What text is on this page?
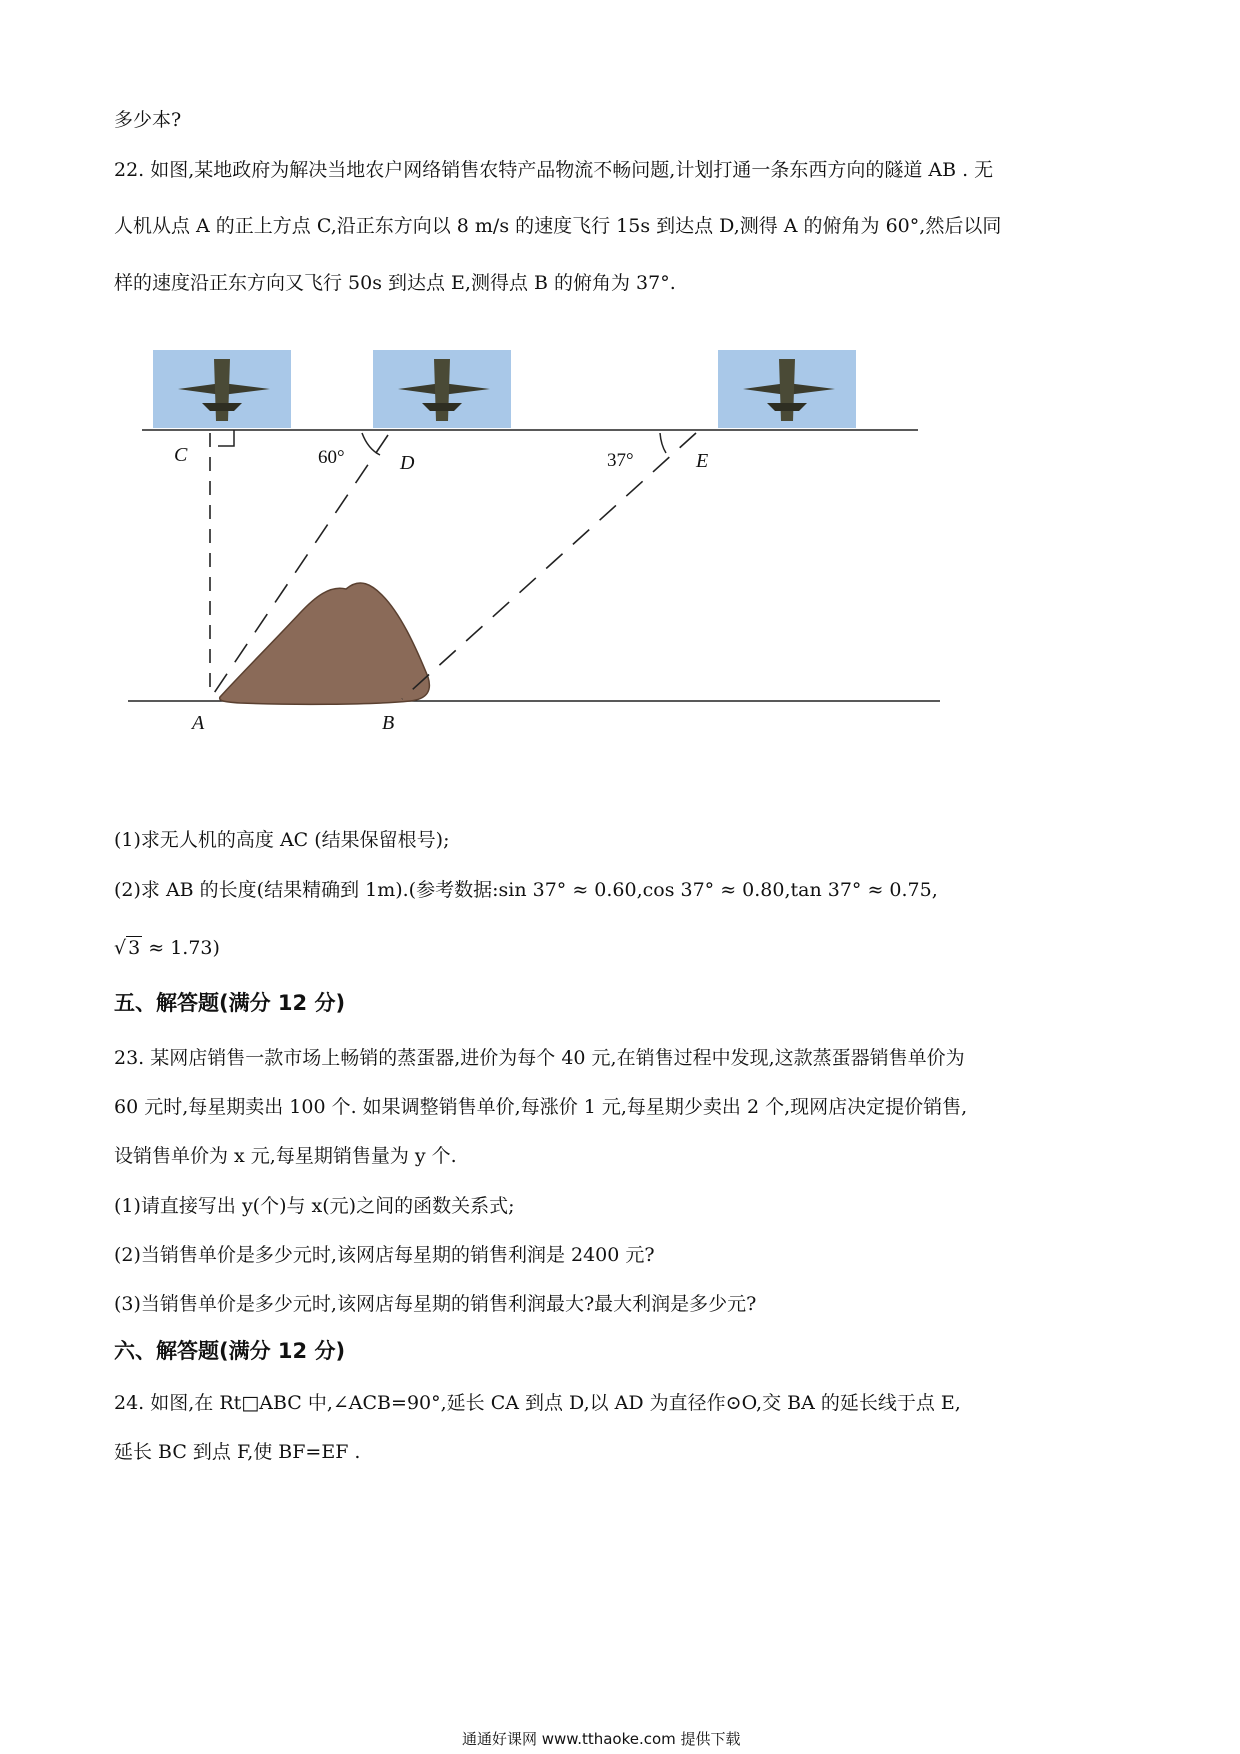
多少本?
22. 如图,某地政府为解决当地农户网络销售农特产品物流不畅问题,计划打通一条东西方向的隧道 AB . 无
人机从点 A 的正上方点 C,沿正东方向以 8 m/s 的速度飞行 15s 到达点 D,测得 A 的俯角为 60°,然后以同
样的速度沿正东方向又飞行 50s 到达点 E,测得点 B 的俯角为 37°.
C	D	E
60°	37°
A	B
(1)求无人机的高度 AC (结果保留根号);
(2)求 AB 的长度(结果精确到 1m).(参考数据:sin 37° ≈ 0.60,cos 37° ≈ 0.80,tan 37° ≈ 0.75,
√ 3 ≈ 1.73)
五、解答题(满分 12 分)
23. 某网店销售一款市场上畅销的蒸蛋器,进价为每个 40 元,在销售过程中发现,这款蒸蛋器销售单价为
60 元时,每星期卖出 100 个. 如果调整销售单价,每涨价 1 元,每星期少卖出 2 个,现网店决定提价销售,
设销售单价为 x 元,每星期销售量为 y 个.
(1)请直接写出 y(个)与 x(元)之间的函数关系式;
(2)当销售单价是多少元时,该网店每星期的销售利润是 2400 元?
(3)当销售单价是多少元时,该网店每星期的销售利润最大?最大利润是多少元?
六、解答题(满分 12 分)
24. 如图,在 Rt□ABC 中,∠ACB=90°,延长 CA 到点 D,以 AD 为直径作⊙O,交 BA 的延长线于点 E,
延长 BC 到点 F,使 BF=EF .
通通好课网 www.tthaoke.com 提供下载
